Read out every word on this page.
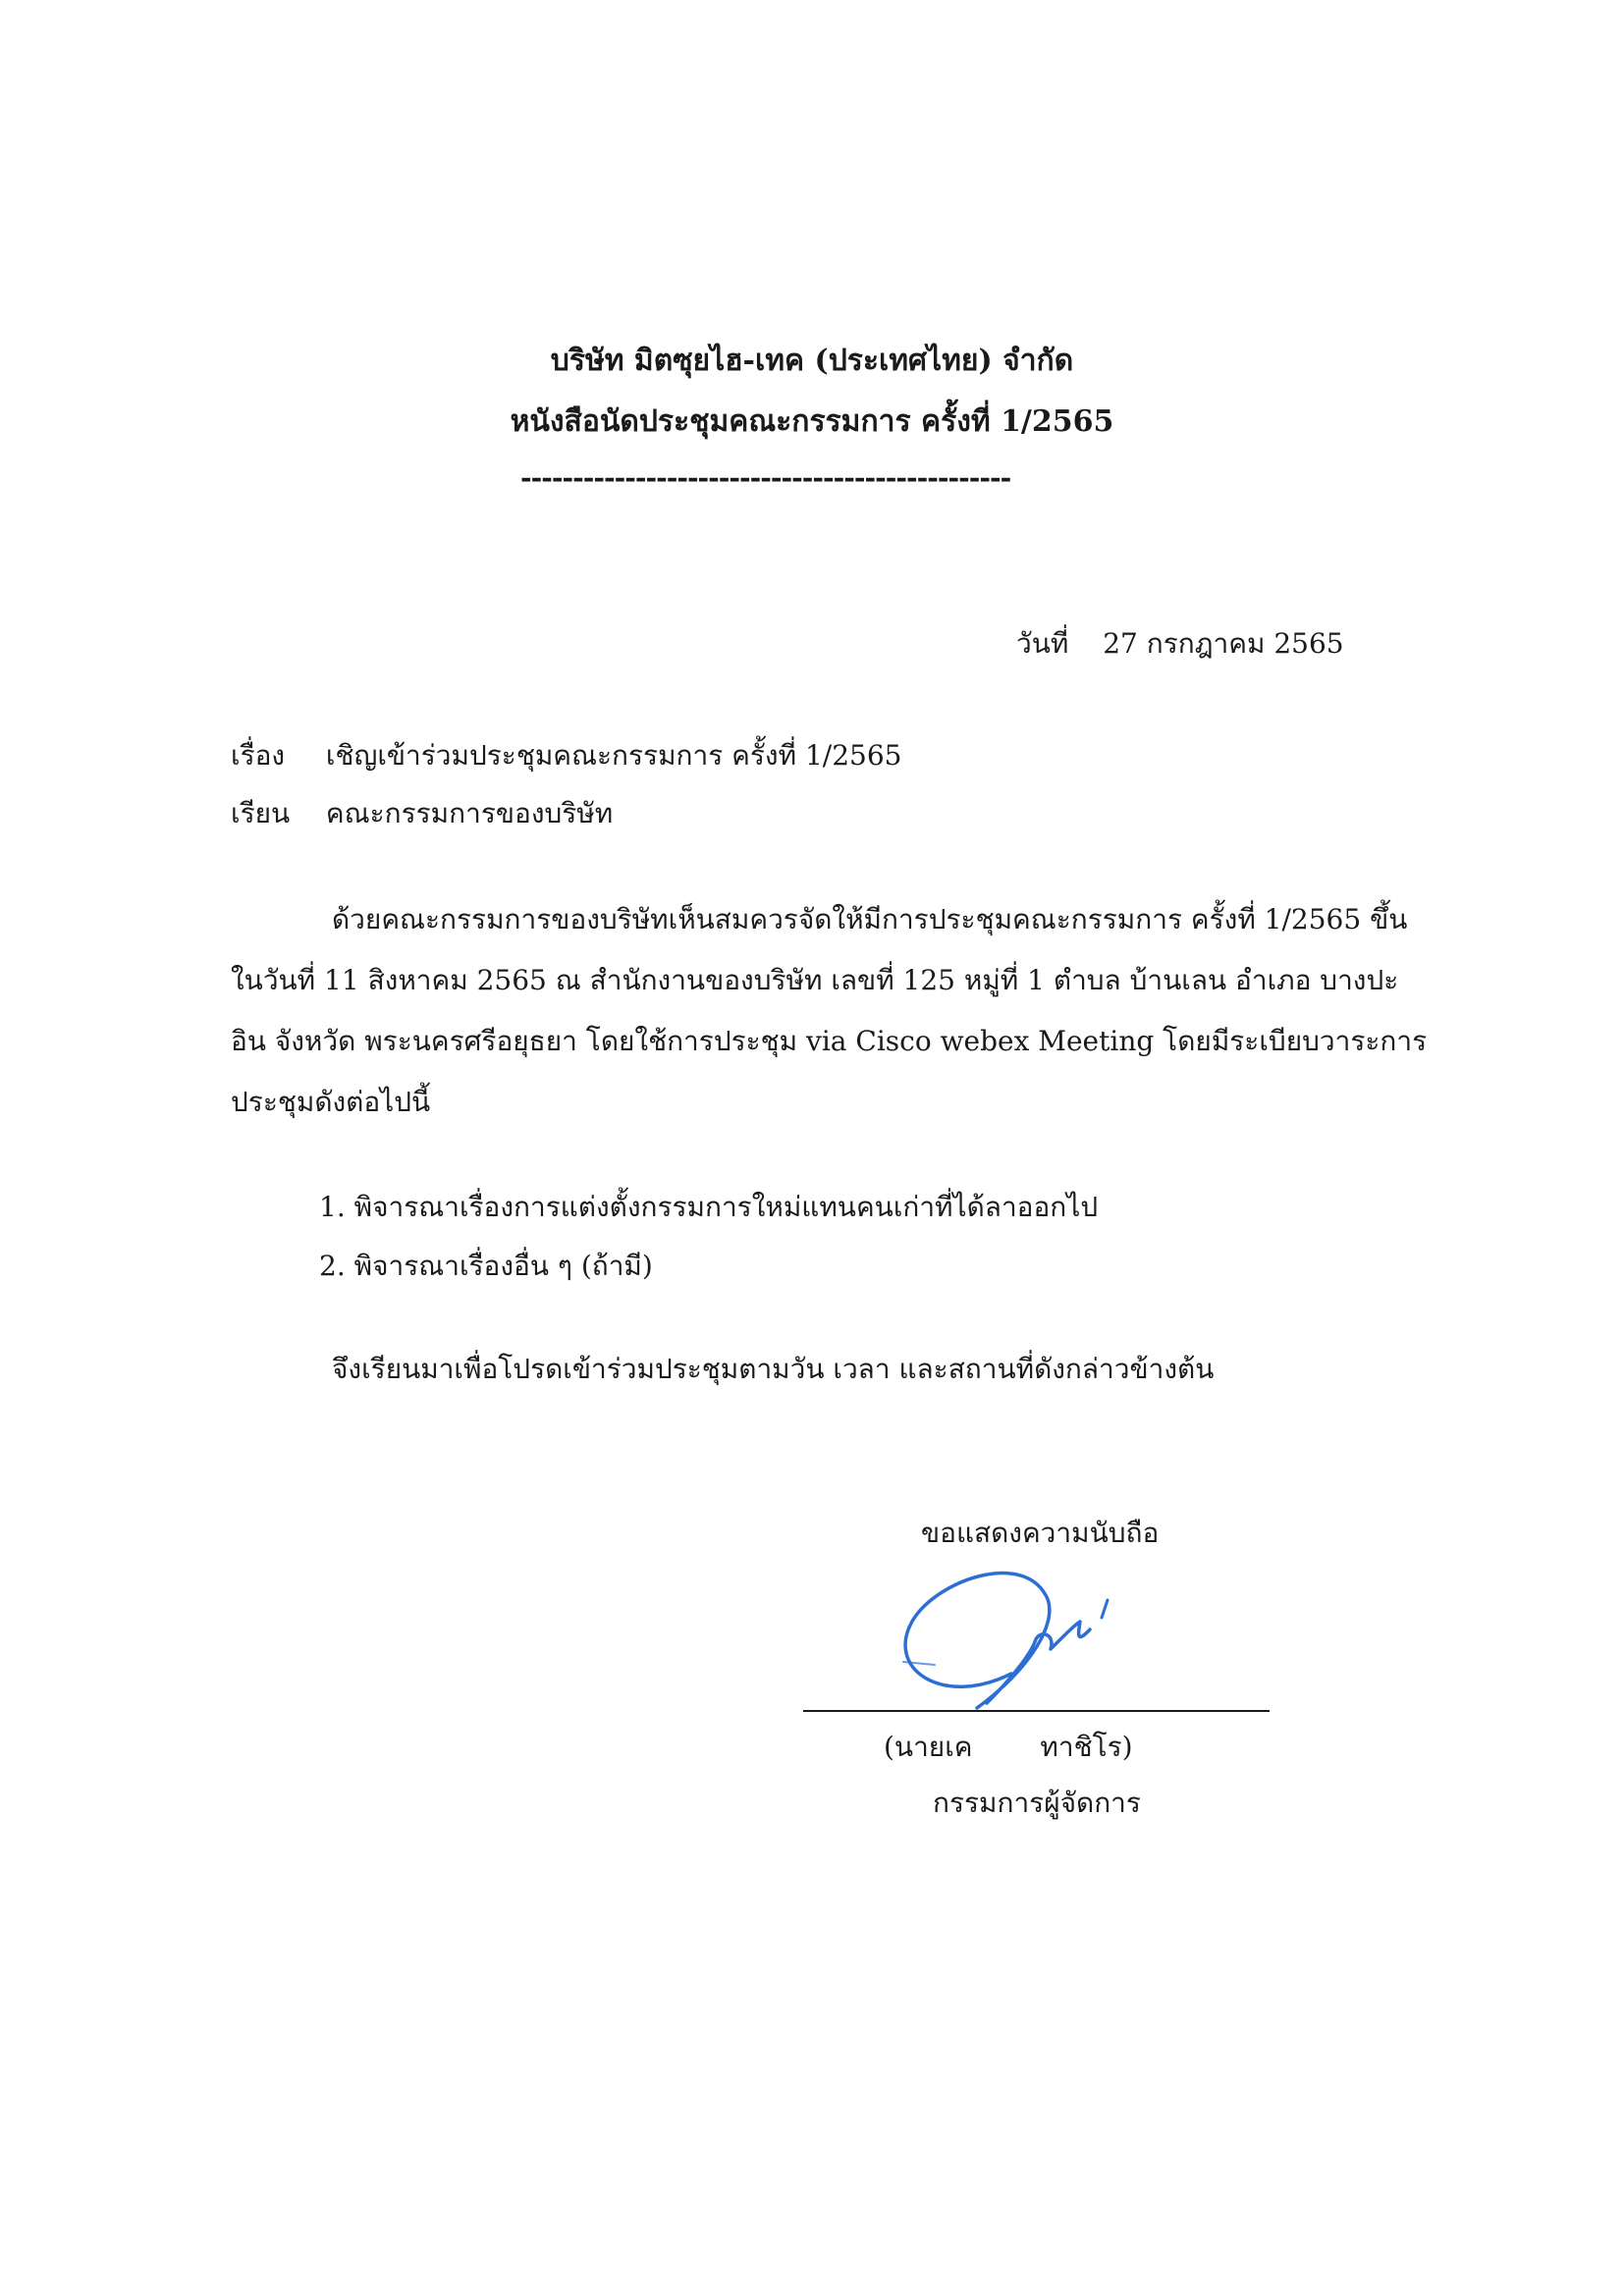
บริษัท มิตซุยไฮ-เทค (ประเทศไทย) จำกัด
หนังสือนัดประชุมคณะกรรมการ ครั้งที่ 1/2565
-----------------------------------------------
วันที่ 27 กรกฎาคม 2565
เรื่อง เชิญเข้าร่วมประชุมคณะกรรมการ ครั้งที่ 1/2565
เรียน คณะกรรมการของบริษัท
ด้วยคณะกรรมการของบริษัทเห็นสมควรจัดให้มีการประชุมคณะกรรมการ ครั้งที่ 1/2565 ขึ้น
ในวันที่ 11 สิงหาคม 2565 ณ สำนักงานของบริษัท เลขที่ 125 หมู่ที่ 1 ตำบล บ้านเลน อำเภอ บางปะ
อิน จังหวัด พระนครศรีอยุธยา โดยใช้การประชุม via Cisco webex Meeting โดยมีระเบียบวาระการ
ประชุมดังต่อไปนี้
1. พิจารณาเรื่องการแต่งตั้งกรรมการใหม่แทนคนเก่าที่ได้ลาออกไป
2. พิจารณาเรื่องอื่น ๆ (ถ้ามี)
จึงเรียนมาเพื่อโปรดเข้าร่วมประชุมตามวัน เวลา และสถานที่ดังกล่าวข้างต้น
ขอแสดงความนับถือ
(นายเค ทาชิโร)
กรรมการผู้จัดการ
